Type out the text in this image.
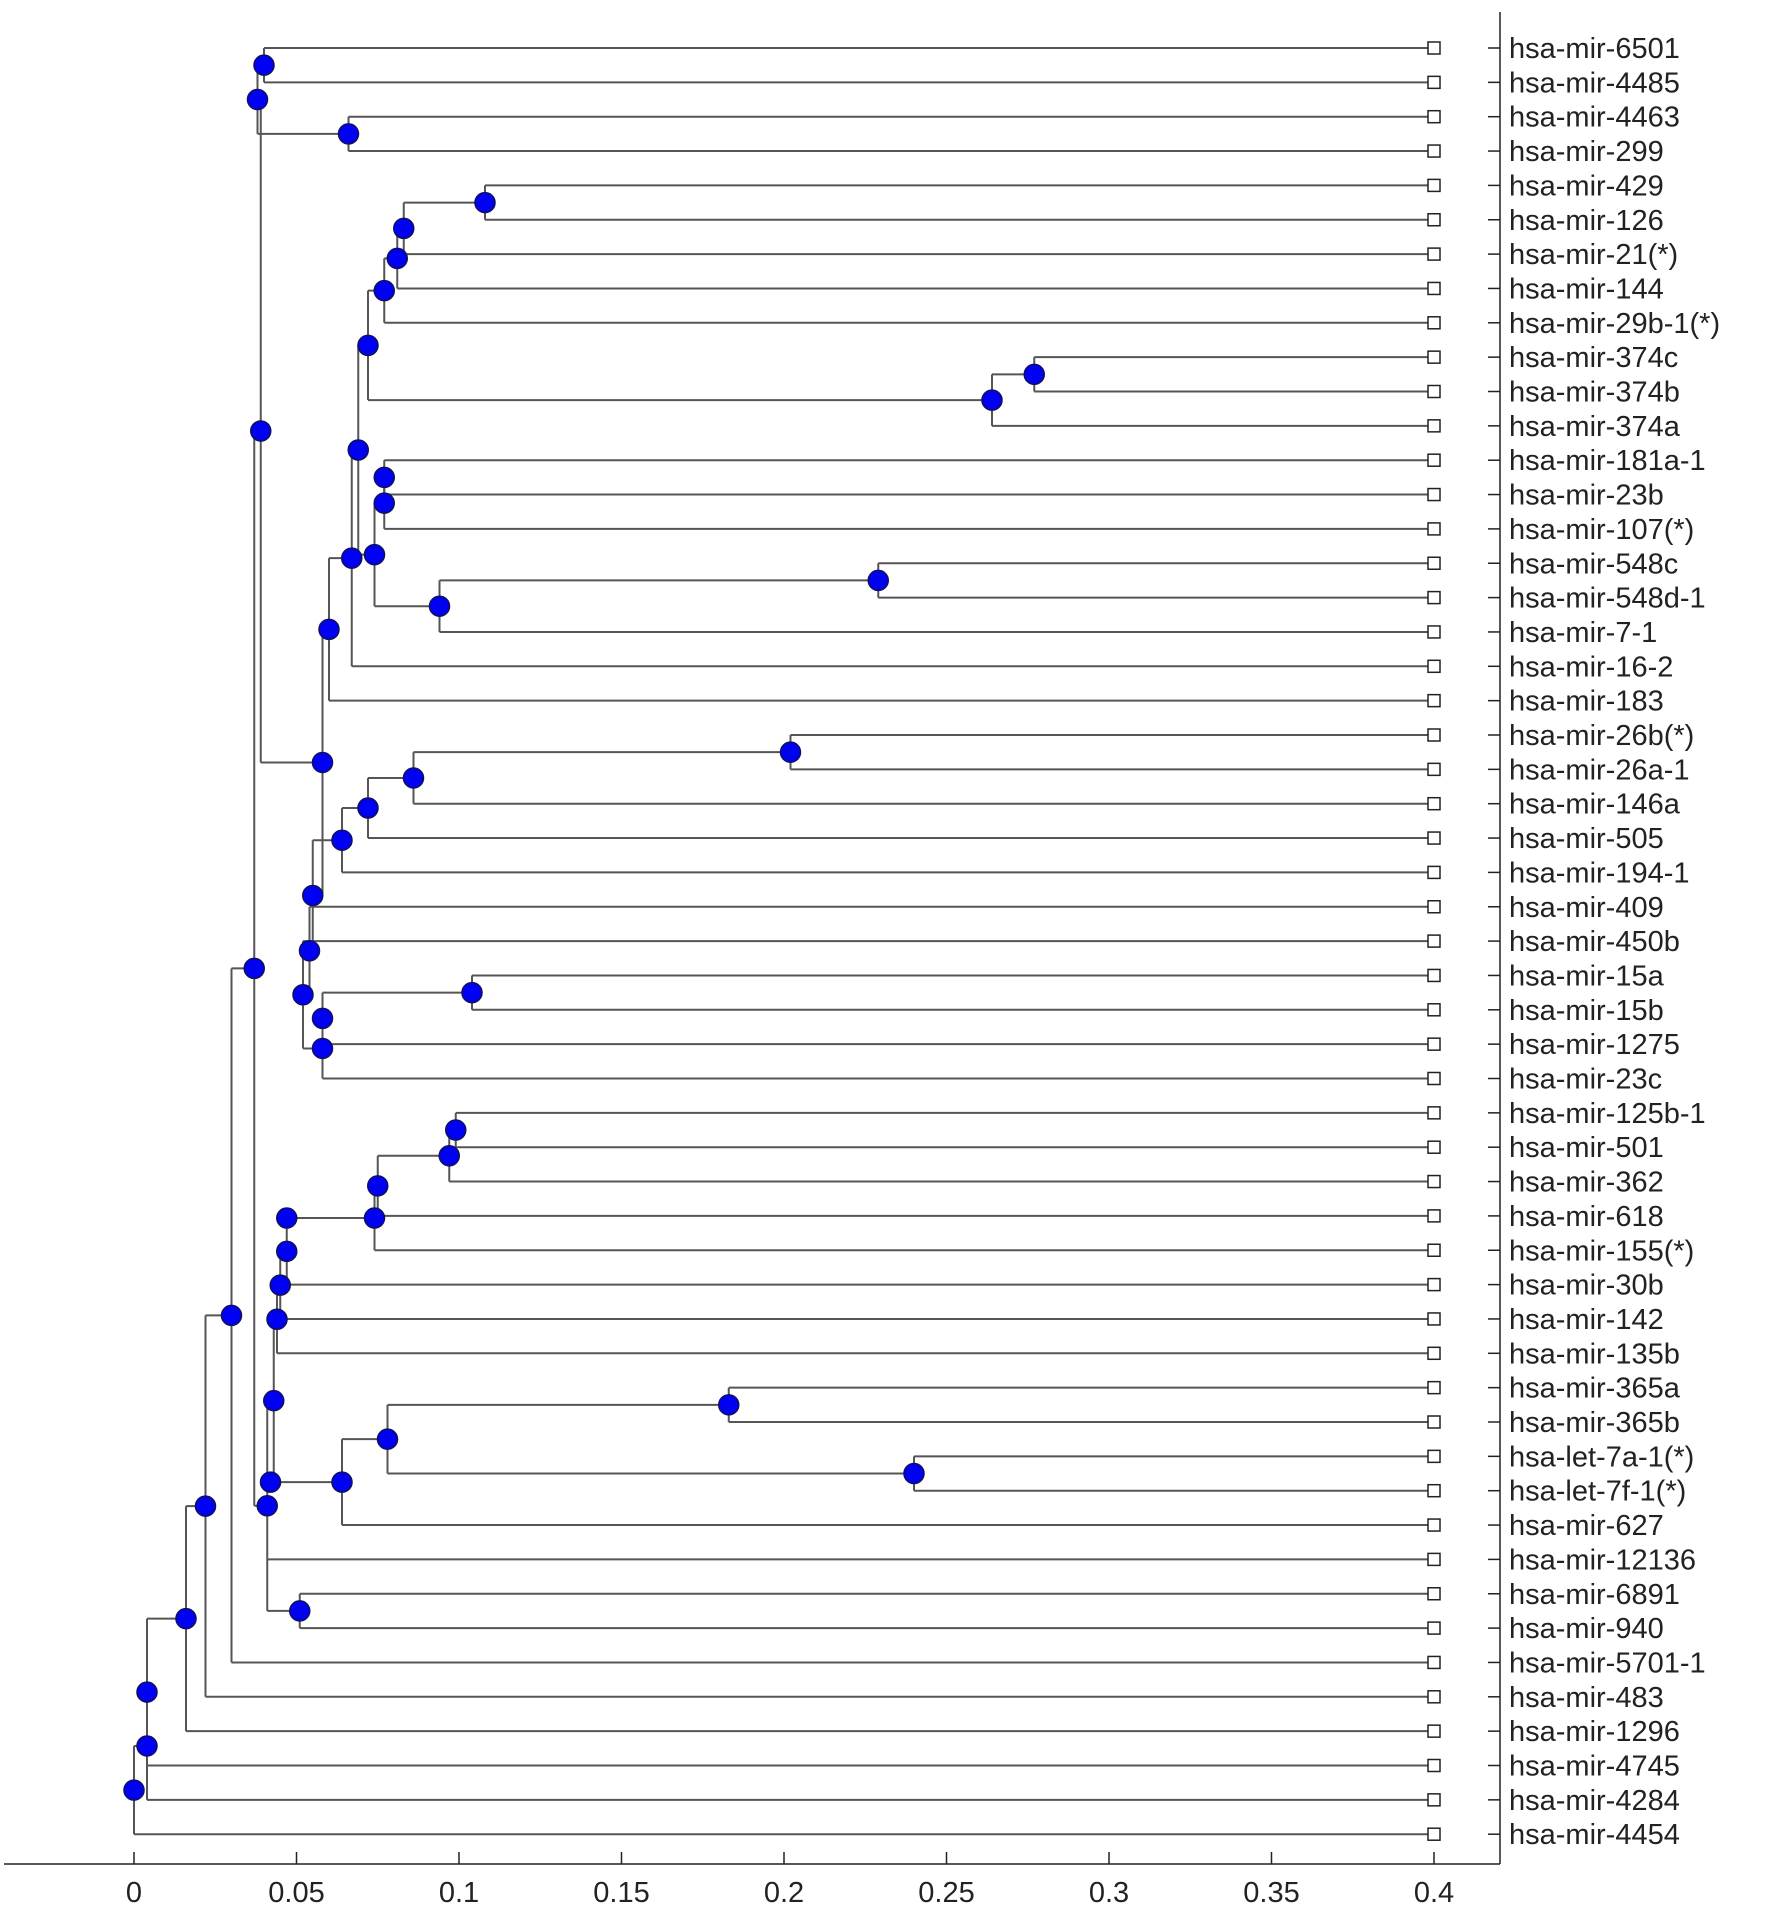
hsa-mir-6501
hsa-mir-4485
hsa-mir-4463
hsa-mir-299
hsa-mir-429
hsa-mir-126
hsa-mir-21(*)
hsa-mir-144
hsa-mir-29b-1(*)
hsa-mir-374c
hsa-mir-374b
hsa-mir-374a
hsa-mir-181a-1
hsa-mir-23b
hsa-mir-107(*)
hsa-mir-548c
hsa-mir-548d-1
hsa-mir-7-1
hsa-mir-16-2
hsa-mir-183
hsa-mir-26b(*)
hsa-mir-26a-1
hsa-mir-146a
hsa-mir-505
hsa-mir-194-1
hsa-mir-409
hsa-mir-450b
hsa-mir-15a
hsa-mir-15b
hsa-mir-1275
hsa-mir-23c
hsa-mir-125b-1
hsa-mir-501
hsa-mir-362
hsa-mir-618
hsa-mir-155(*)
hsa-mir-30b
hsa-mir-142
hsa-mir-135b
hsa-mir-365a
hsa-mir-365b
hsa-let-7a-1(*)
hsa-let-7f-1(*)
hsa-mir-627
hsa-mir-12136
hsa-mir-6891
hsa-mir-940
hsa-mir-5701-1
hsa-mir-483
hsa-mir-1296
hsa-mir-4745
hsa-mir-4284
hsa-mir-4454
0	0.05	0.1	0.15	0.2	0.25	0.3	0.35	0.4
